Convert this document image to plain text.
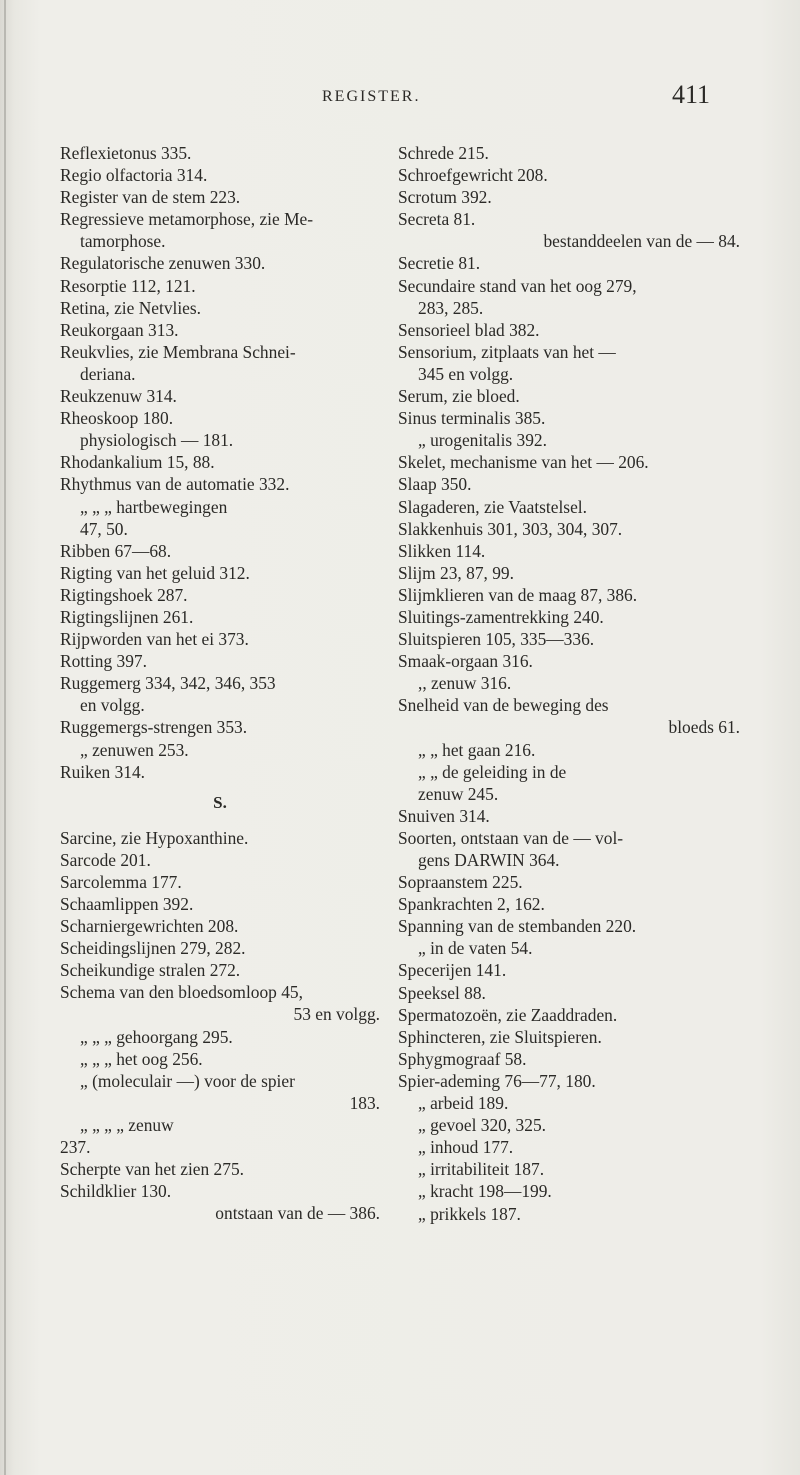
REGISTER.	411
Reflexietonus 335.
Regio olfactoria 314.
Register van de stem 223.
Regressieve metamorphose, zie Me-
tamorphose.
Regulatorische zenuwen 330.
Resorptie 112, 121.
Retina, zie Netvlies.
Reukorgaan 313.
Reukvlies, zie Membrana Schnei-
deriana.
Reukzenuw 314.
Rheoskoop 180.
physiologisch — 181.
Rhodankalium 15, 88.
Rhythmus van de automatie 332.
„ „ „ hartbewegingen
47, 50.
Ribben 67—68.
Rigting van het geluid 312.
Rigtingshoek 287.
Rigtingslijnen 261.
Rijpworden van het ei 373.
Rotting 397.
Ruggemerg 334, 342, 346, 353
en volgg.
Ruggemergs-strengen 353.
„ zenuwen 253.
Ruiken 314.
S.
Sarcine, zie Hypoxanthine.
Sarcode 201.
Sarcolemma 177.
Schaamlippen 392.
Scharniergewrichten 208.
Scheidingslijnen 279, 282.
Scheikundige stralen 272.
Schema van den bloedsomloop 45,
53 en volgg.
„ „ „ gehoorgang 295.
„ „ „ het oog 256.
„ (moleculair —) voor de spier
183.
„ „ „ „ zenuw
237.
Scherpte van het zien 275.
Schildklier 130.
ontstaan van de — 386.
Schrede 215.
Schroefgewricht 208.
Scrotum 392.
Secreta 81.
bestanddeelen van de — 84.
Secretie 81.
Secundaire stand van het oog 279,
283, 285.
Sensorieel blad 382.
Sensorium, zitplaats van het —
345 en volgg.
Serum, zie bloed.
Sinus terminalis 385.
„ urogenitalis 392.
Skelet, mechanisme van het — 206.
Slaap 350.
Slagaderen, zie Vaatstelsel.
Slakkenhuis 301, 303, 304, 307.
Slikken 114.
Slijm 23, 87, 99.
Slijmklieren van de maag 87, 386.
Sluitings-zamentrekking 240.
Sluitspieren 105, 335—336.
Smaak-orgaan 316.
,, zenuw 316.
Snelheid van de beweging des
bloeds 61.
„ „ het gaan 216.
„ „ de geleiding in de
zenuw 245.
Snuiven 314.
Soorten, ontstaan van de — vol-
gens DARWIN 364.
Sopraanstem 225.
Spankrachten 2, 162.
Spanning van de stembanden 220.
„ in de vaten 54.
Specerijen 141.
Speeksel 88.
Spermatozoën, zie Zaaddraden.
Sphincteren, zie Sluitspieren.
Sphygmograaf 58.
Spier-ademing 76—77, 180.
„ arbeid 189.
„ gevoel 320, 325.
„ inhoud 177.
„ irritabiliteit 187.
„ kracht 198—199.
„ prikkels 187.
